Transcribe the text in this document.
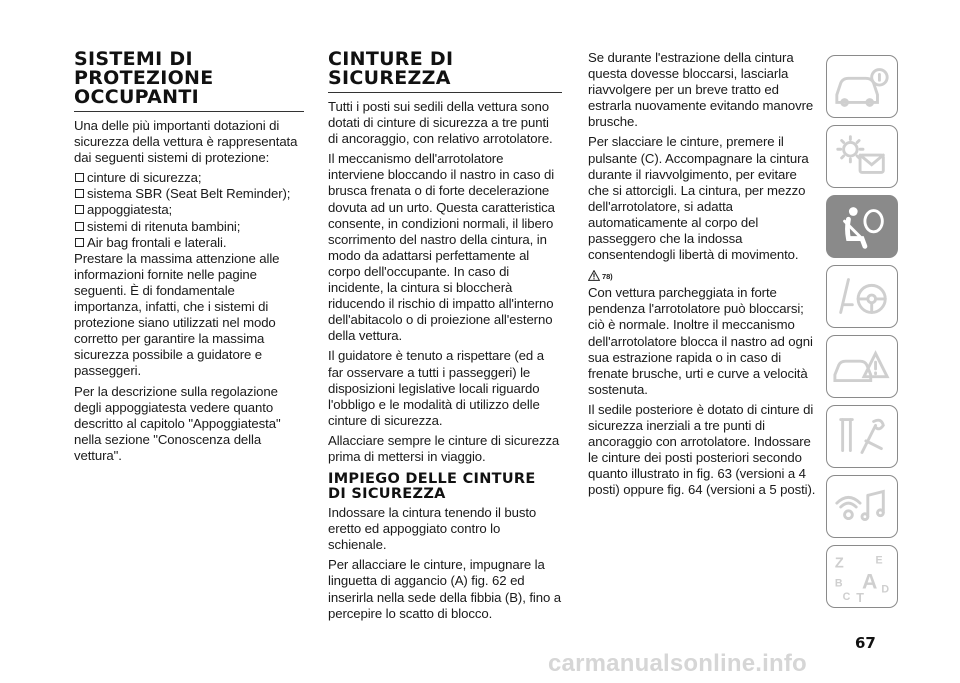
SISTEMI DI
PROTEZIONE
OCCUPANTI

Una delle più importanti dotazioni di sicurezza della vettura è rappresentata dai seguenti sistemi di protezione:

cinture di sicurezza;
sistema SBR (Seat Belt Reminder);
appoggiatesta;
sistemi di ritenuta bambini;
Air bag frontali e laterali.

Prestare la massima attenzione alle informazioni fornite nelle pagine seguenti. È di fondamentale importanza, infatti, che i sistemi di protezione siano utilizzati nel modo corretto per garantire la massima sicurezza possibile a guidatore e passeggeri.

Per la descrizione sulla regolazione degli appoggiatesta vedere quanto descritto al capitolo "Appoggiatesta" nella sezione "Conoscenza della vettura".

CINTURE DI
SICUREZZA

Tutti i posti sui sedili della vettura sono dotati di cinture di sicurezza a tre punti di ancoraggio, con relativo arrotolatore.

Il meccanismo dell'arrotolatore interviene bloccando il nastro in caso di brusca frenata o di forte decelerazione dovuta ad un urto. Questa caratteristica consente, in condizioni normali, il libero scorrimento del nastro della cintura, in modo da adattarsi perfettamente al corpo dell'occupante. In caso di incidente, la cintura si bloccherà riducendo il rischio di impatto all'interno dell'abitacolo o di proiezione all'esterno della vettura.

Il guidatore è tenuto a rispettare (ed a far osservare a tutti i passeggeri) le disposizioni legislative locali riguardo l'obbligo e le modalità di utilizzo delle cinture di sicurezza.

Allacciare sempre le cinture di sicurezza prima di mettersi in viaggio.

IMPIEGO DELLE CINTURE
DI SICUREZZA

Indossare la cintura tenendo il busto eretto ed appoggiato contro lo schienale.

Per allacciare le cinture, impugnare la linguetta di aggancio (A) fig. 62 ed inserirla nella sede della fibbia (B), fino a percepire lo scatto di blocco.

Se durante l'estrazione della cintura questa dovesse bloccarsi, lasciarla riavvolgere per un breve tratto ed estrarla nuovamente evitando manovre brusche.

Per slacciare le cinture, premere il pulsante (C). Accompagnare la cintura durante il riavvolgimento, per evitare che si attorcigli. La cintura, per mezzo dell'arrotolatore, si adatta automaticamente al corpo del passeggero che la indossa consentendogli libertà di movimento.

78)

Con vettura parcheggiata in forte pendenza l'arrotolatore può bloccarsi; ciò è normale. Inoltre il meccanismo dell'arrotolatore blocca il nastro ad ogni sua estrazione rapida o in caso di frenate brusche, urti e curve a velocità sostenuta.

Il sedile posteriore è dotato di cinture di sicurezza inerziali a tre punti di ancoraggio con arrotolatore. Indossare le cinture dei posti posteriori secondo quanto illustrato in fig. 63 (versioni a 4 posti) oppure fig. 64 (versioni a 5 posti).

Z	E
B A
C T
D
67
carmanualsonline.info
